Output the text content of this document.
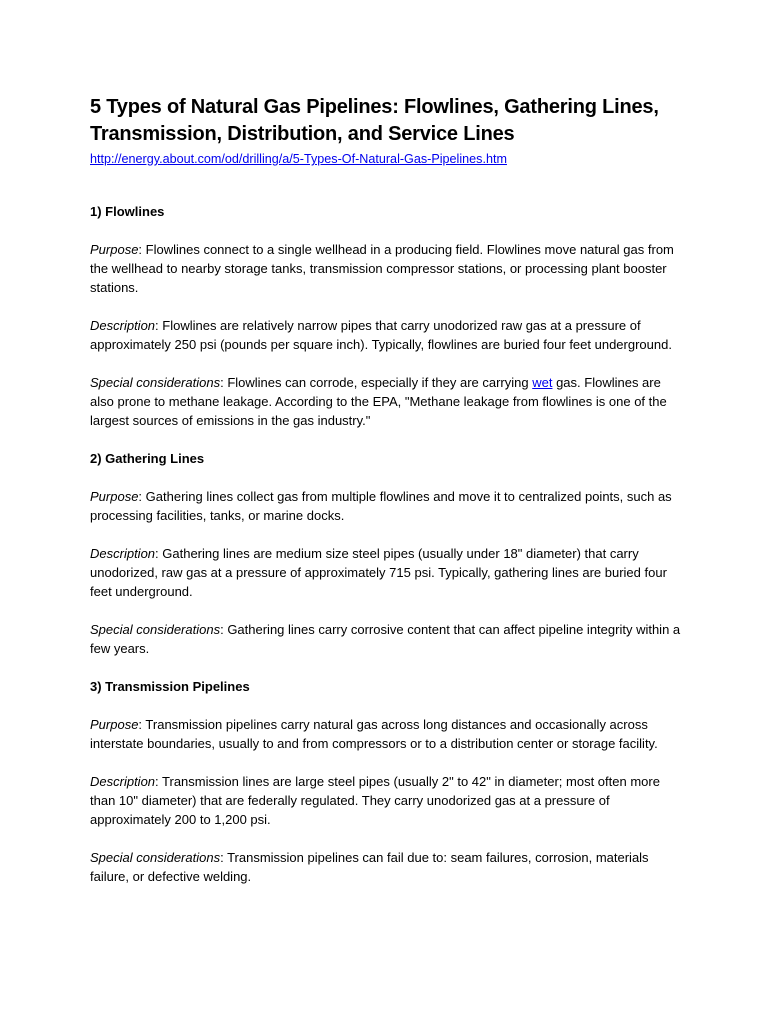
5 Types of Natural Gas Pipelines: Flowlines, Gathering Lines, Transmission, Distribution, and Service Lines
http://energy.about.com/od/drilling/a/5-Types-Of-Natural-Gas-Pipelines.htm
1) Flowlines

Purpose: Flowlines connect to a single wellhead in a producing field. Flowlines move natural gas from the wellhead to nearby storage tanks, transmission compressor stations, or processing plant booster stations.

Description: Flowlines are relatively narrow pipes that carry unodorized raw gas at a pressure of approximately 250 psi (pounds per square inch). Typically, flowlines are buried four feet underground.

Special considerations: Flowlines can corrode, especially if they are carrying wet gas. Flowlines are also prone to methane leakage. According to the EPA, "Methane leakage from flowlines is one of the largest sources of emissions in the gas industry."

2) Gathering Lines

Purpose: Gathering lines collect gas from multiple flowlines and move it to centralized points, such as processing facilities, tanks, or marine docks.

Description: Gathering lines are medium size steel pipes (usually under 18" diameter) that carry unodorized, raw gas at a pressure of approximately 715 psi. Typically, gathering lines are buried four feet underground.

Special considerations: Gathering lines carry corrosive content that can affect pipeline integrity within a few years.

3) Transmission Pipelines

Purpose: Transmission pipelines carry natural gas across long distances and occasionally across interstate boundaries, usually to and from compressors or to a distribution center or storage facility.

Description: Transmission lines are large steel pipes (usually 2" to 42" in diameter; most often more than 10" diameter) that are federally regulated. They carry unodorized gas at a pressure of approximately 200 to 1,200 psi.

Special considerations: Transmission pipelines can fail due to: seam failures, corrosion, materials failure, or defective welding.
